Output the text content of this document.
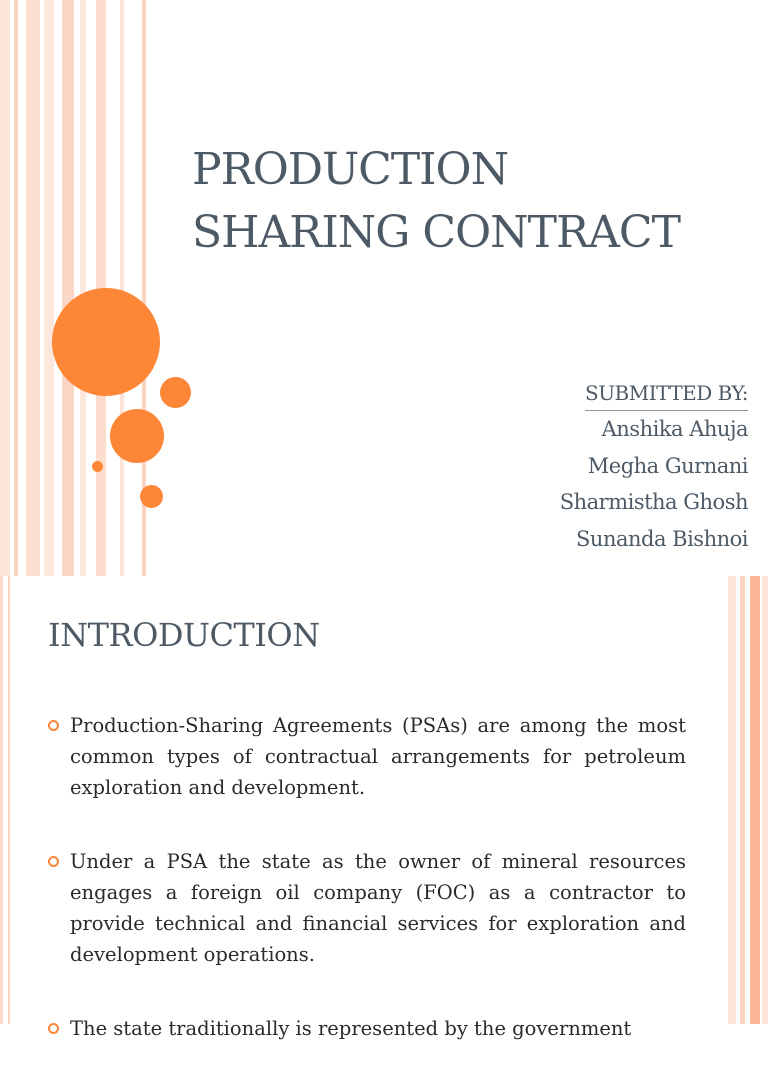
PRODUCTION
SHARING CONTRACT
SUBMITTED BY:
Anshika Ahuja
Megha Gurnani
Sharmistha Ghosh
Sunanda Bishnoi
INTRODUCTION
Production-Sharing Agreements (PSAs) are among the most common types of contractual arrangements for petroleum exploration and development.
Under a PSA the state as the owner of mineral resources engages a foreign oil company (FOC) as a contractor to provide technical and financial services for exploration and development operations.
The state traditionally is represented by the government
